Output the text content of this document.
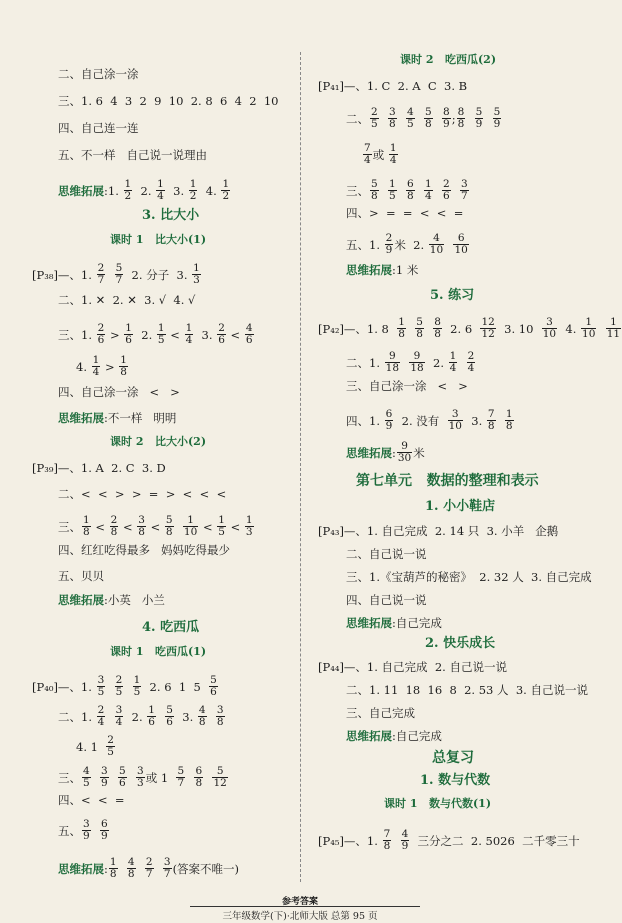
二、自己涂一涂
三、1. 6  4  3  2  9  10  2. 8  6  4  2  10
四、自己连一连
五、不一样   自己说一说理由
思维拓展 :1. $\frac{1}{2} 2$. $\frac{1}{4} 3$. $\frac{1}{2} 4$. $\frac{1}{2}$
3. 比大小
课时 1   比大小(1)
[P₃₈]—、1. $\frac{2}{7}$
$\frac{5}{7} 2$. 分子  3. $\frac{1}{3}$
二、1. ✕  2. ✕  3. √  4. √
三、1. $\frac{2}{6} > \frac{1}{6} 2$. $\frac{1}{5} < \frac{1}{4} 3$. $\frac{2}{6} < \frac{4}{6}$
4. $\frac{1}{4} > \frac{1}{8}$
四、自己涂一涂   <   >
思维拓展 :不一样   明明
课时 2   比大小(2)
[P₃₉]—、1. A  2. C  3. D
二、<  <  >  >  =  >  <  <  <
三、 $\frac{1}{8} < \frac{2}{8} < \frac{3}{8} < \frac{5}{8}$
$\frac{1}{10} < \frac{1}{5} < \frac{1}{3}$
四、红红吃得最多   妈妈吃得最少
五、贝贝
思维拓展 :小英   小兰
4. 吃西瓜
课时 1   吃西瓜(1)
[P₄₀]—、1. $\frac{3}{5}$
$\frac{2}{5}$
$\frac{1}{5} 2$. 6  1  $5 \frac{5}{6}$
二、1. $\frac{2}{4}$
$\frac{3}{4} 2$. $\frac{1}{6}$
$\frac{5}{6} 3$. $\frac{4}{8}$
$\frac{3}{8}$
4. $1 \frac{2}{5}$
三、 $\frac{4}{5}$
$\frac{3}{9}$
$\frac{5}{6}$
$\frac{3}{3}$ 或 $1 \frac{5}{7}$
$\frac{6}{8}$
$\frac{5}{12}$
四、<  <  =
五、 $\frac{3}{9}$
$\frac{6}{9}$
思维拓展 : $\frac{1}{8}$
$\frac{4}{8}$
$\frac{2}{7}$
$\frac{3}{7}$ (答案不唯一)
课时 2   吃西瓜(2)
[P₄₁]—、1. C  2. A  C  3. B
二、 $\frac{2}{5}$
$\frac{3}{8}$
$\frac{4}{5}$
$\frac{5}{8}$
$\frac{8}{9}$ ; $\frac{8}{8}$
$\frac{5}{9}$
$\frac{5}{9}$
$\frac{7}{4}$ 或 $\frac{1}{4}$
三、 $\frac{5}{8}$
$\frac{1}{5}$
$\frac{6}{8}$
$\frac{1}{4}$
$\frac{2}{6}$
$\frac{3}{7}$
四、>  =  =  <  <  =
五、1. $\frac{2}{9}$ 米  2. $\frac{4}{10}$
$\frac{6}{10}$
思维拓展 :1 米
5. 练习
[P₄₂]—、1. $8 \frac{1}{8}$
$\frac{5}{8}$
$\frac{8}{8} 2$. $6 \frac{12}{12} 3$. $10 \frac{3}{10} 4$. $\frac{1}{10}$
$\frac{1}{11}$
二、1. $\frac{9}{18}$
$\frac{9}{18} 2$. $\frac{1}{4}$
$\frac{2}{4}$
三、自己涂一涂   <   >
四、1. $\frac{6}{9} 2$. 没有 $\frac{3}{10} 3$. $\frac{7}{8}$
$\frac{1}{8}$
思维拓展 : $\frac{9}{30}$ 米
第七单元   数据的整理和表示
1. 小小鞋店
[P₄₃]—、1. 自己完成  2. 14 只  3. 小羊   企鹅
二、自己说一说
三、1.《宝葫芦的秘密》  2. 32 人  3. 自己完成
四、自己说一说
思维拓展 :自己完成
2. 快乐成长
[P₄₄]—、1. 自己完成  2. 自己说一说
二、1. 11  18  16  8  2. 53 人  3. 自己说一说
三、自己完成
思维拓展 :自己完成
总复习
1. 数与代数
课时 1   数与代数(1)
[P₄₅]—、1. $\frac{7}{8}$
$\frac{4}{9}$ 三分之二  2. 5026  二千零三十
参考答案
三年级数学(下)·北师大版 总第 95 页
